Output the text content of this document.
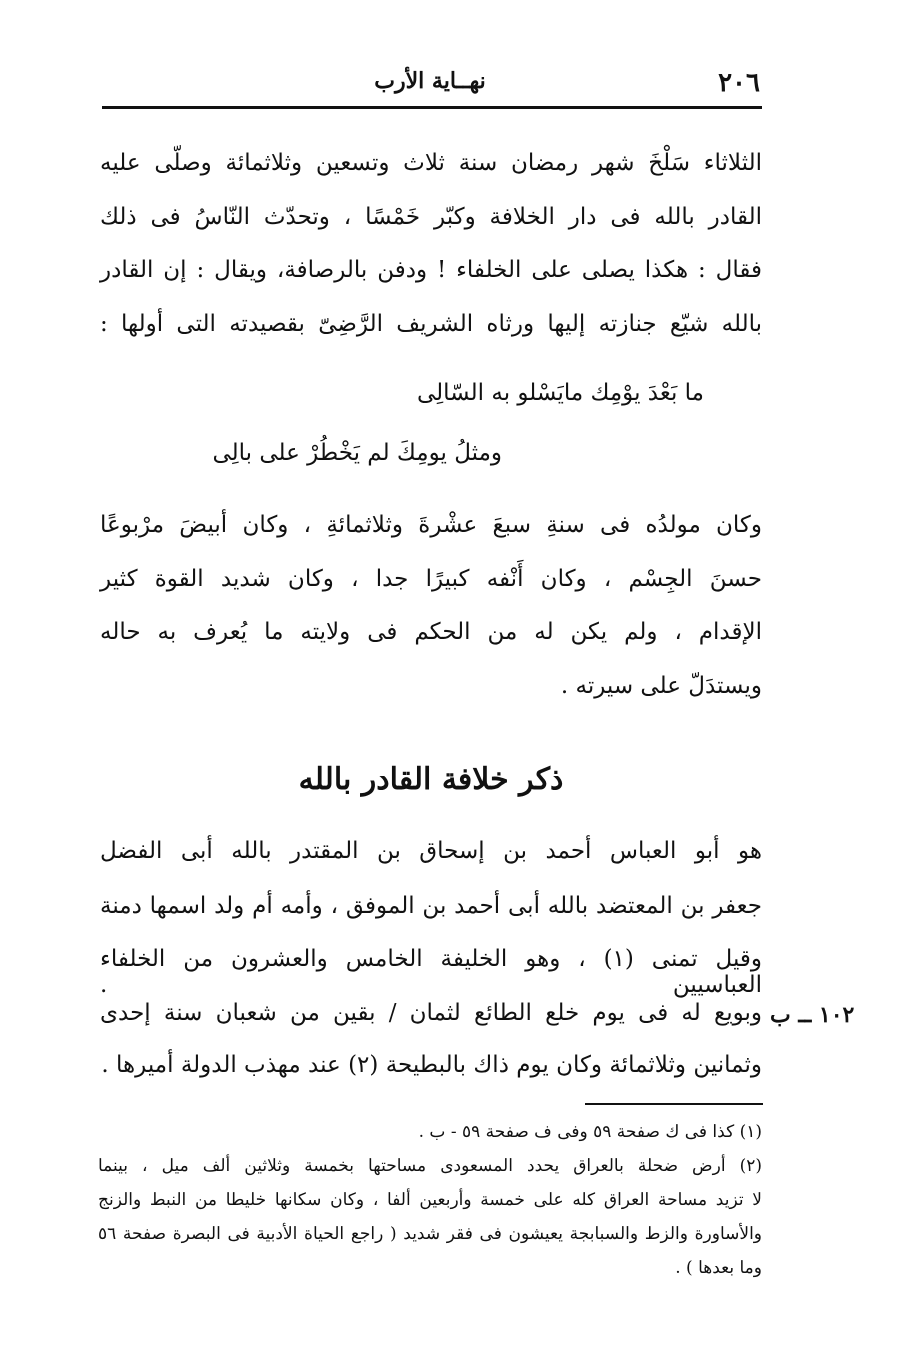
٢٠٦
نهــاية الأرب
الثلاثاء سَلْخَ شهر رمضان سنة ثلاث وتسعين وثلاثمائة وصلّى عليه
القادر بالله فى دار الخلافة وكبّر خَمْسًا ، وتحدّث النّاسُ فى ذلك
فقال : هكذا يصلى على الخلفاء ! ودفن بالرصافة، ويقال : إن القادر
بالله شيّع جنازته إليها ورثاه الشريف الرَّضِىّ بقصيدته التى أولها :
ما بَعْدَ يوْمِك مايَسْلو به السّالِى
ومثلُ يومِكَ لم يَخْطُرْ على بالِى
وكان مولدُه فى سنةِ سبعَ عشْرةَ وثلاثمائةِ ، وكان أبيضَ مرْبوعًا
حسنَ الجِسْم ، وكان أَنْفه كبيرًا جدا ، وكان شديد القوة كثير
الإقدام ، ولم يكن له من الحكم فى ولايته ما يُعرف به حاله
ويستدَلّ على سيرته .
ذكر خلافة القادر بالله
هو أبو العباس أحمد بن إسحاق بن المقتدر بالله أبى الفضل
جعفر بن المعتضد بالله أبى أحمد بن الموفق ، وأمه أم ولد اسمها دمنة
وقيل تمنى (١) ، وهو الخليفة الخامس والعشرون من الخلفاء العباسيين .
وبويع له فى يوم خلع الطائع لثمان / بقين من شعبان سنة إحدى
وثمانين وثلاثمائة وكان يوم ذاك بالبطيحة (٢) عند مهذب الدولة أميرها .
١٠٢ ــ ب
(١) كذا فى ك صفحة ٥٩ وفى ف صفحة ٥٩ - ب .
(٢) أرض ضحلة بالعراق يحدد المسعودى مساحتها بخمسة وثلاثين ألف ميل ، بينما
لا تزيد مساحة العراق كله على خمسة وأربعين ألفا ، وكان سكانها خليطا من النبط والزنج
والأساورة والزط والسبابجة يعيشون فى فقر شديد ( راجع الحياة الأدبية فى البصرة صفحة ٥٦
وما بعدها ) .
